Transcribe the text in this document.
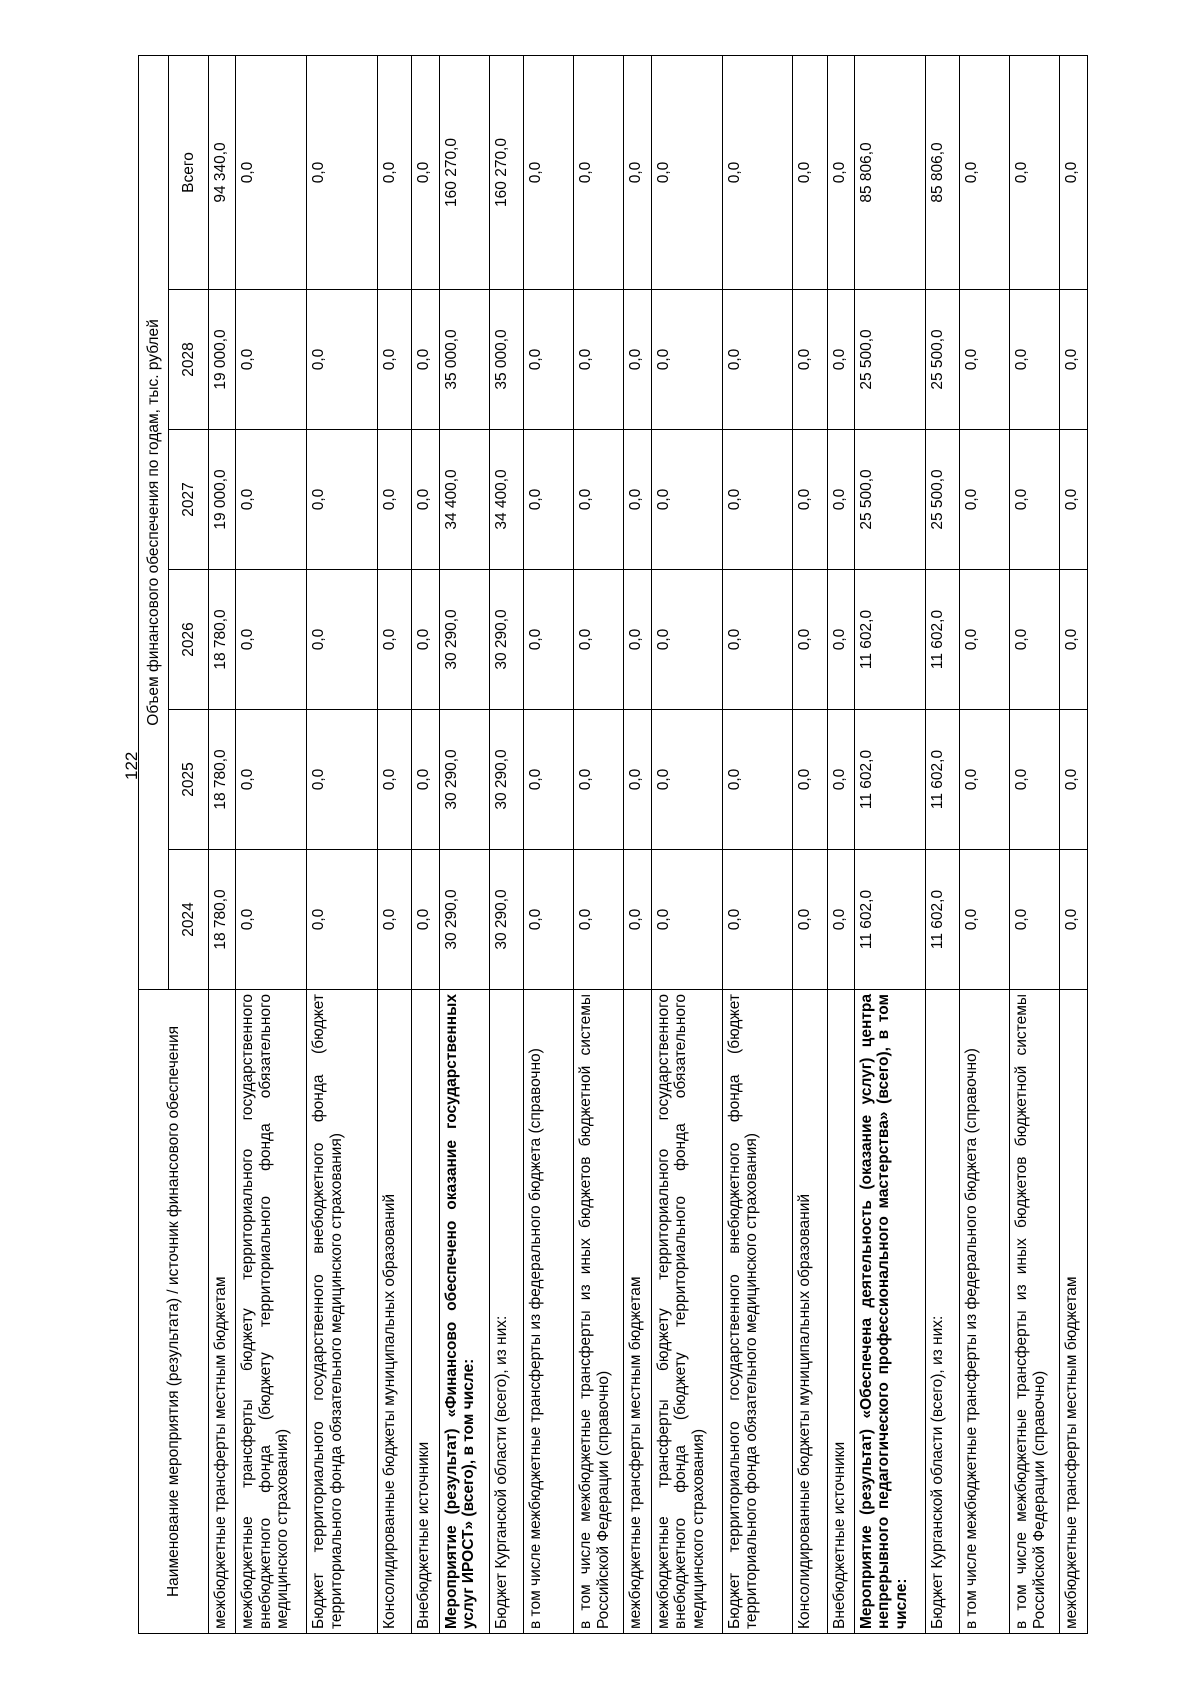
122
Наименование мероприятия (результата) / источник финансового обеспечения	Объем финансового обеспечения по годам, тыс. рублей					
	2024	2025	2026	2027	2028	Всего
межбюджетные трансферты местным бюджетам	18 780,0	18 780,0	18 780,0	19 000,0	19 000,0	94 340,0
межбюджетные трансферты бюджету территориального государственного внебюджетного фонда (бюджету территориального фонда обязательного медицинского страхования)	0,0	0,0	0,0	0,0	0,0	0,0
Бюджет территориального государственного внебюджетного фонда (бюджет территориального фонда обязательного медицинского страхования)	0,0	0,0	0,0	0,0	0,0	0,0
Консолидированные бюджеты муниципальных образований	0,0	0,0	0,0	0,0	0,0	0,0
Внебюджетные источники	0,0	0,0	0,0	0,0	0,0	0,0
Мероприятие (результат) «Финансово обеспечено оказание государственных услуг ИРОСТ» (всего), в том числе:	30 290,0	30 290,0	30 290,0	34 400,0	35 000,0	160 270,0
Бюджет Курганской области (всего), из них:	30 290,0	30 290,0	30 290,0	34 400,0	35 000,0	160 270,0
в том числе межбюджетные трансферты из федерального бюджета (справочно)	0,0	0,0	0,0	0,0	0,0	0,0
в том числе межбюджетные трансферты из иных бюджетов бюджетной системы Российской Федерации (справочно)	0,0	0,0	0,0	0,0	0,0	0,0
межбюджетные трансферты местным бюджетам	0,0	0,0	0,0	0,0	0,0	0,0
межбюджетные трансферты бюджету территориального государственного внебюджетного фонда (бюджету территориального фонда обязательного медицинского страхования)	0,0	0,0	0,0	0,0	0,0	0,0
Бюджет территориального государственного внебюджетного фонда (бюджет территориального фонда обязательного медицинского страхования)	0,0	0,0	0,0	0,0	0,0	0,0
Консолидированные бюджеты муниципальных образований	0,0	0,0	0,0	0,0	0,0	0,0
Внебюджетные источники	0,0	0,0	0,0	0,0	0,0	0,0
Мероприятие (результат) «Обеспечена деятельность (оказание услуг) центра непрерывного педагогического профессионального мастерства» (всего), в том числе:	11 602,0	11 602,0	11 602,0	25 500,0	25 500,0	85 806,0
Бюджет Курганской области (всего), из них:	11 602,0	11 602,0	11 602,0	25 500,0	25 500,0	85 806,0
в том числе межбюджетные трансферты из федерального бюджета (справочно)	0,0	0,0	0,0	0,0	0,0	0,0
в том числе межбюджетные трансферты из иных бюджетов бюджетной системы Российской Федерации (справочно)	0,0	0,0	0,0	0,0	0,0	0,0
межбюджетные трансферты местным бюджетам	0,0	0,0	0,0	0,0	0,0	0,0
